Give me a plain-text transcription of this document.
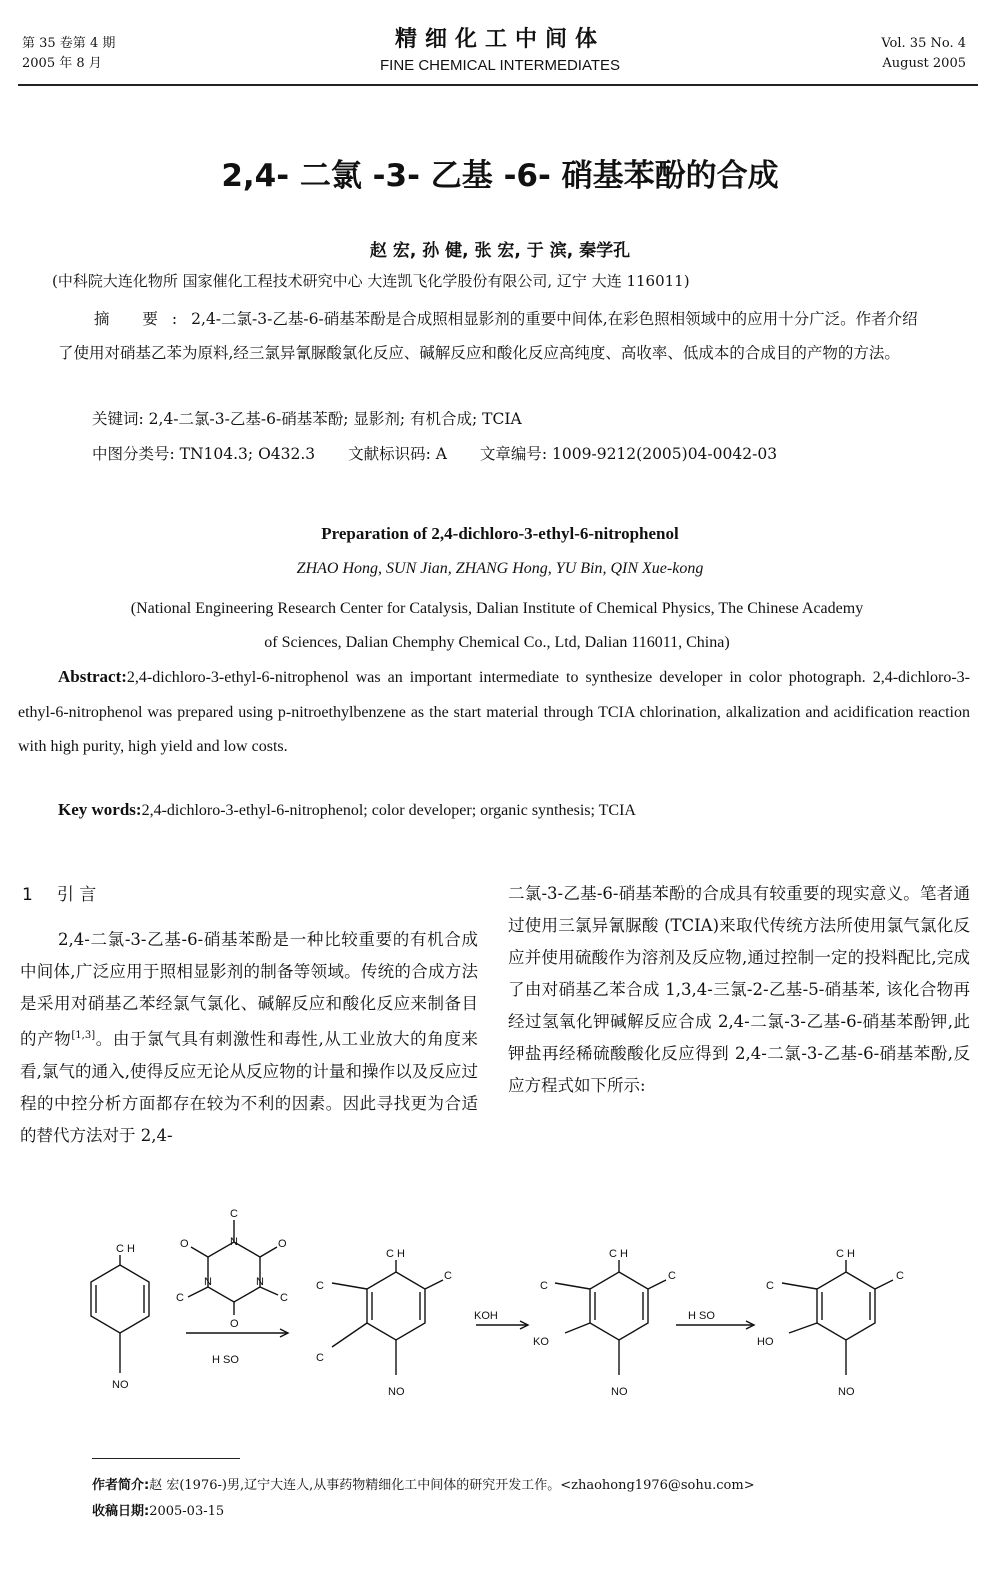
第 35 卷第 4 期
2005 年 8 月
精细化工中间体
FINE CHEMICAL INTERMEDIATES
Vol. 35 No. 4
August 2005
2,4- 二氯 -3- 乙基 -6- 硝基苯酚的合成
赵 宏, 孙 健, 张 宏, 于 滨, 秦学孔
(中科院大连化物所 国家催化工程技术研究中心 大连凯飞化学股份有限公司, 辽宁 大连 116011)
摘 要:2,4-二氯-3-乙基-6-硝基苯酚是合成照相显影剂的重要中间体,在彩色照相领域中的应用十分广泛。作者介绍了使用对硝基乙苯为原料,经三氯异氰脲酸氯化反应、碱解反应和酸化反应高纯度、高收率、低成本的合成目的产物的方法。
关键词: 2,4-二氯-3-乙基-6-硝基苯酚; 显影剂; 有机合成; TCIA
中图分类号: TN104.3; O432.3 文献标识码: A 文章编号: 1009-9212(2005)04-0042-03
Preparation of 2,4-dichloro-3-ethyl-6-nitrophenol
ZHAO Hong, SUN Jian, ZHANG Hong, YU Bin, QIN Xue-kong
(National Engineering Research Center for Catalysis, Dalian Institute of Chemical Physics, The Chinese Academy
of Sciences, Dalian Chemphy Chemical Co., Ltd, Dalian 116011, China)
Abstract:2,4-dichloro-3-ethyl-6-nitrophenol was an important intermediate to synthesize developer in color photograph. 2,4-dichloro-3-ethyl-6-nitrophenol was prepared using p-nitroethylbenzene as the start material through TCIA chlorination, alkalization and acidification reaction with high purity, high yield and low costs.
Key words:2,4-dichloro-3-ethyl-6-nitrophenol; color developer; organic synthesis; TCIA
1 引 言
2,4-二氯-3-乙基-6-硝基苯酚是一种比较重要的有机合成中间体,广泛应用于照相显影剂的制备等领域。传统的合成方法是采用对硝基乙苯经氯气氯化、碱解反应和酸化反应来制备目的产物[1,3]。由于氯气具有刺激性和毒性,从工业放大的角度来看,氯气的通入,使得反应无论从反应物的计量和操作以及反应过程的中控分析方面都存在较为不利的因素。因此寻找更为合适的替代方法对于 2,4-
二氯-3-乙基-6-硝基苯酚的合成具有较重要的现实意义。笔者通过使用三氯异氰脲酸 (TCIA)来取代传统方法所使用氯气氯化反应并使用硫酸作为溶剂及反应物,通过控制一定的投料配比,完成了由对硝基乙苯合成 1,3,4-三氯-2-乙基-5-硝基苯, 该化合物再经过氢氧化钾碱解反应合成 2,4-二氯-3-乙基-6-硝基苯酚钾,此钾盐再经稀硫酸酸化反应得到 2,4-二氯-3-乙基-6-硝基苯酚,反应方程式如下所示:
C H
NO
C
O	O
N
N	N
C	C
O
H SO
C H
C
C
C
NO
KOH
C H
C
C
KO
NO
H SO
C H
C
C
HO
NO
作者简介:赵 宏(1976-)男,辽宁大连人,从事药物精细化工中间体的研究开发工作。<zhaohong1976@sohu.com>
收稿日期:2005-03-15
